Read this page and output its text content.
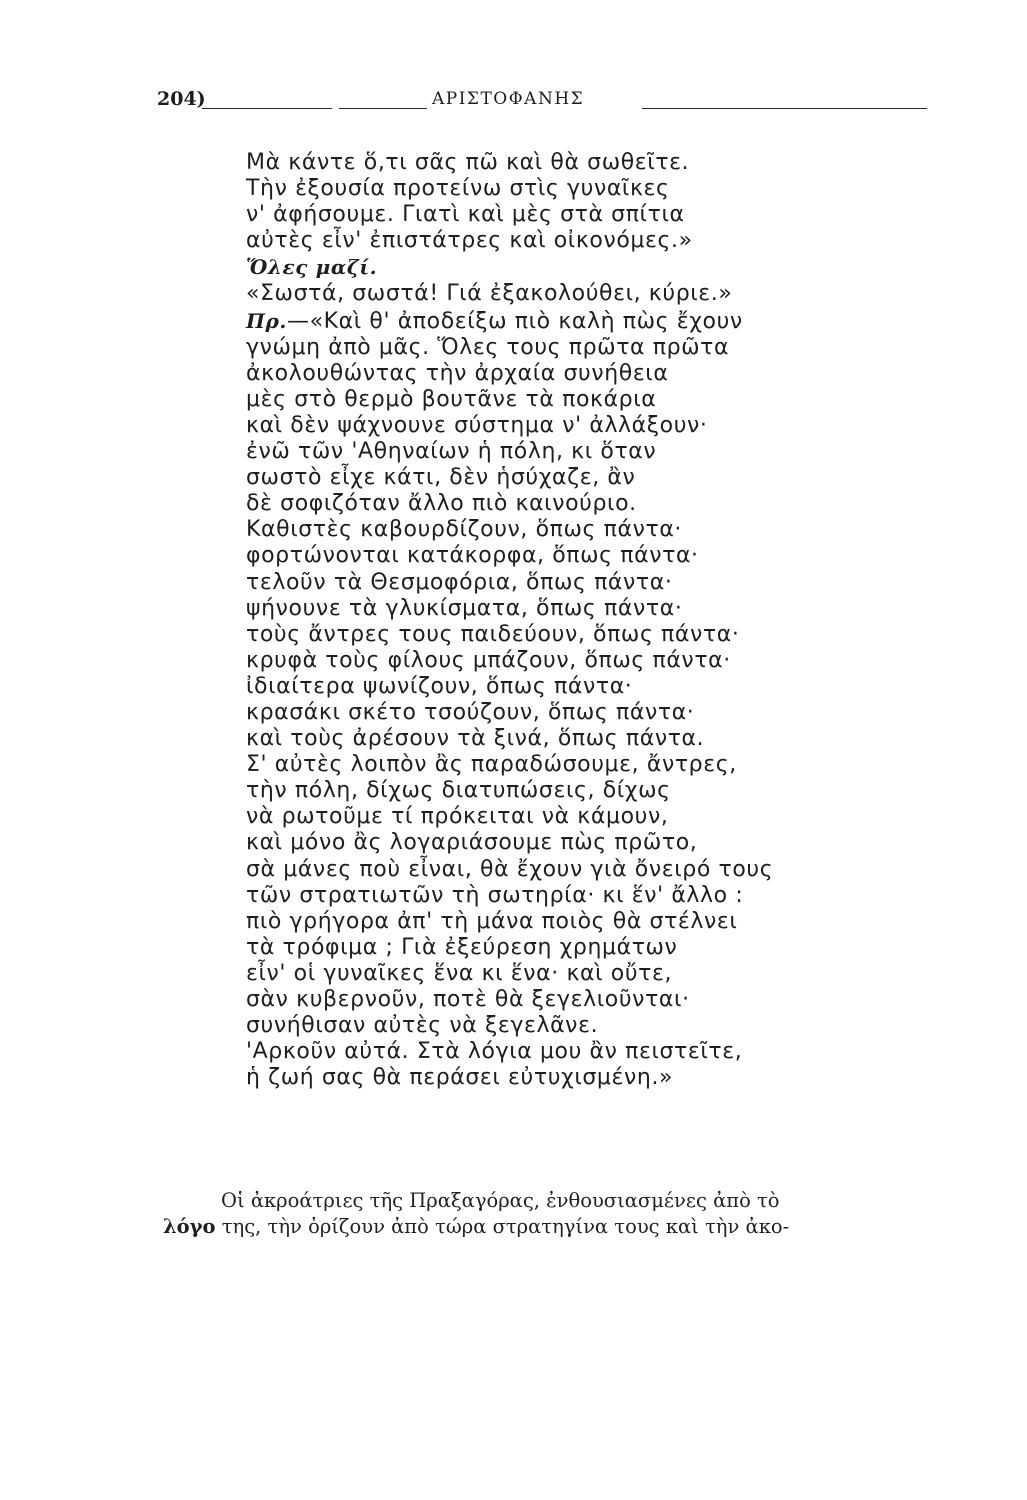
204)	ΑΡΙΣΤΟΦΑΝΗΣ
Μὰ κάντε ὅ,τι σᾶς πῶ καὶ θὰ σωθεῖτε.
Τὴν ἐξουσία προτείνω στὶς γυναῖκες
ν' ἀφήσουμε. Γιατὶ καὶ μὲς στὰ σπίτια
αὐτὲς εἶν' ἐπιστάτρες καὶ οἰκονόμες.»
Ὅλες μαζί.
«Σωστά, σωστά! Γιά ἐξακολούθει, κύριε.»
Πρ.—«Καὶ θ' ἀποδείξω πιὸ καλὴ πὼς ἔχουν
γνώμη ἀπὸ μᾶς. Ὅλες τους πρῶτα πρῶτα
ἀκολουθώντας τὴν ἀρχαία συνήθεια
μὲς στὸ θερμὸ βουτᾶνε τὰ ποκάρια
καὶ δὲν ψάχνουνε σύστημα ν' ἀλλάξουν·
ἐνῶ τῶν 'Αθηναίων ἡ πόλη, κι ὅταν
σωστὸ εἶχε κάτι, δὲν ἡσύχαζε, ἂν
δὲ σοφιζόταν ἄλλο πιὸ καινούριο.
Καθιστὲς καβουρδίζουν, ὅπως πάντα·
φορτώνονται κατάκορφα, ὅπως πάντα·
τελοῦν τὰ Θεσμοφόρια, ὅπως πάντα·
ψήνουνε τὰ γλυκίσματα, ὅπως πάντα·
τοὺς ἄντρες τους παιδεύουν, ὅπως πάντα·
κρυφὰ τοὺς φίλους μπάζουν, ὅπως πάντα·
ἰδιαίτερα ψωνίζουν, ὅπως πάντα·
κρασάκι σκέτο τσούζουν, ὅπως πάντα·
καὶ τοὺς ἀρέσουν τὰ ξινά, ὅπως πάντα.
Σ' αὐτὲς λοιπὸν ἂς παραδώσουμε, ἄντρες,
τὴν πόλη, δίχως διατυπώσεις, δίχως
νὰ ρωτοῦμε τί πρόκειται νὰ κάμουν,
καὶ μόνο ἂς λογαριάσουμε πὼς πρῶτο,
σὰ μάνες ποὺ εἶναι, θὰ ἔχουν γιὰ ὄνειρό τους
τῶν στρατιωτῶν τὴ σωτηρία· κι ἕν' ἄλλο :
πιὸ γρήγορα ἀπ' τὴ μάνα ποιὸς θὰ στέλνει
τὰ τρόφιμα ; Γιὰ ἐξεύρεση χρημάτων
εἶν' οἱ γυναῖκες ἕνα κι ἕνα· καὶ οὔτε,
σὰν κυβερνοῦν, ποτὲ θὰ ξεγελιοῦνται·
συνήθισαν αὐτὲς νὰ ξεγελᾶνε.
'Αρκοῦν αὐτά. Στὰ λόγια μου ἂν πειστεῖτε,
ἡ ζωή σας θὰ περάσει εὐτυχισμένη.»

Οἱ ἀκροάτριες τῆς Πραξαγόρας, ἐνθουσιασμένες ἀπὸ τὸ

λόγο της, τὴν ὁρίζουν ἀπὸ τώρα στρατηγίνα τους καὶ τὴν ἀκο-
